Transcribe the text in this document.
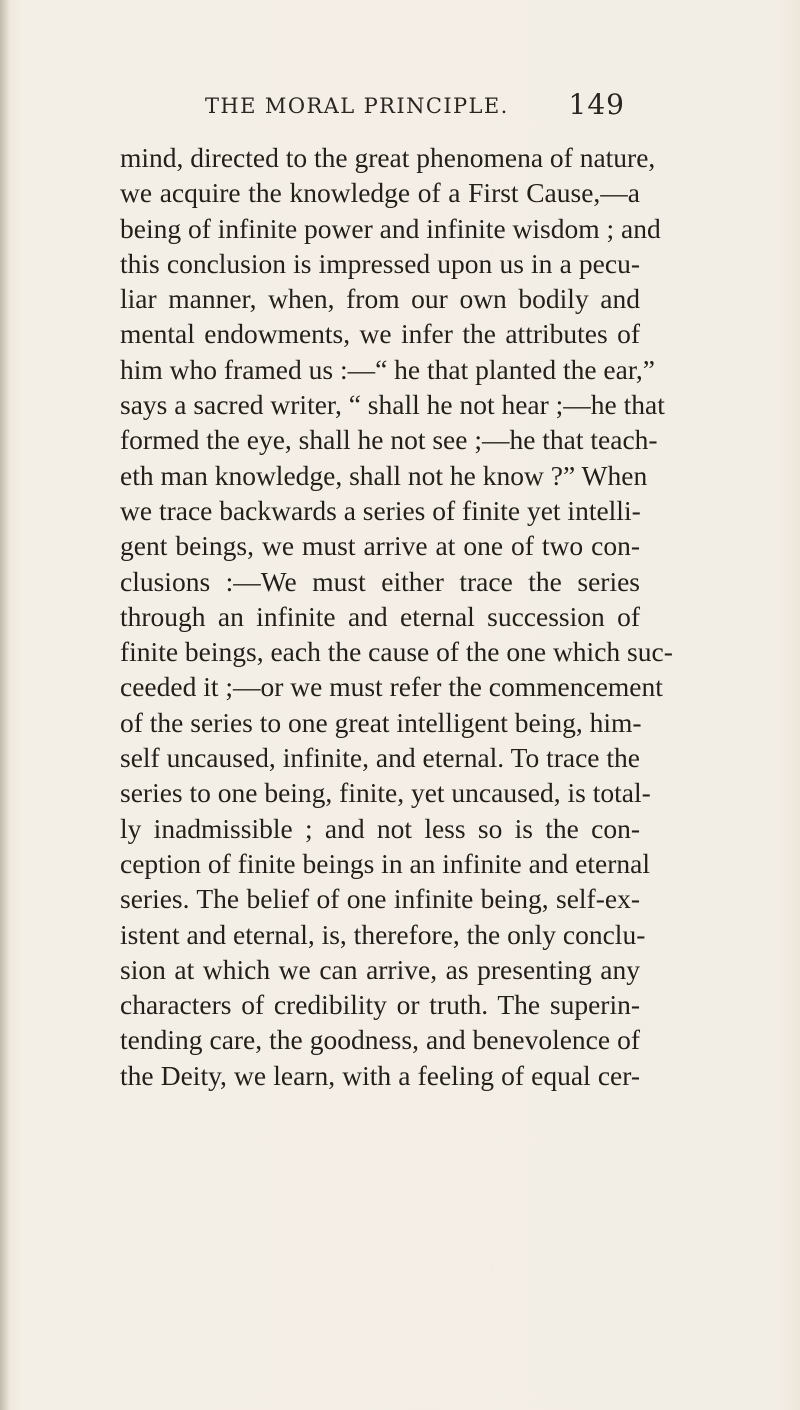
THE MORAL PRINCIPLE. 149
mind, directed to the great phenomena of nature,
we acquire the knowledge of a First Cause,—a
being of infinite power and infinite wisdom ; and
this conclusion is impressed upon us in a pecu-
liar manner, when, from our own bodily and
mental endowments, we infer the attributes of
him who framed us :—“ he that planted the ear,”
says a sacred writer, “ shall he not hear ;—he that
formed the eye, shall he not see ;—he that teach-
eth man knowledge, shall not he know ?” When
we trace backwards a series of finite yet intelli-
gent beings, we must arrive at one of two con-
clusions :—We must either trace the series
through an infinite and eternal succession of
finite beings, each the cause of the one which suc-
ceeded it ;—or we must refer the commencement
of the series to one great intelligent being, him-
self uncaused, infinite, and eternal. To trace the
series to one being, finite, yet uncaused, is total-
ly inadmissible ; and not less so is the con-
ception of finite beings in an infinite and eternal
series. The belief of one infinite being, self-ex-
istent and eternal, is, therefore, the only conclu-
sion at which we can arrive, as presenting any
characters of credibility or truth. The superin-
tending care, the goodness, and benevolence of
the Deity, we learn, with a feeling of equal cer-
